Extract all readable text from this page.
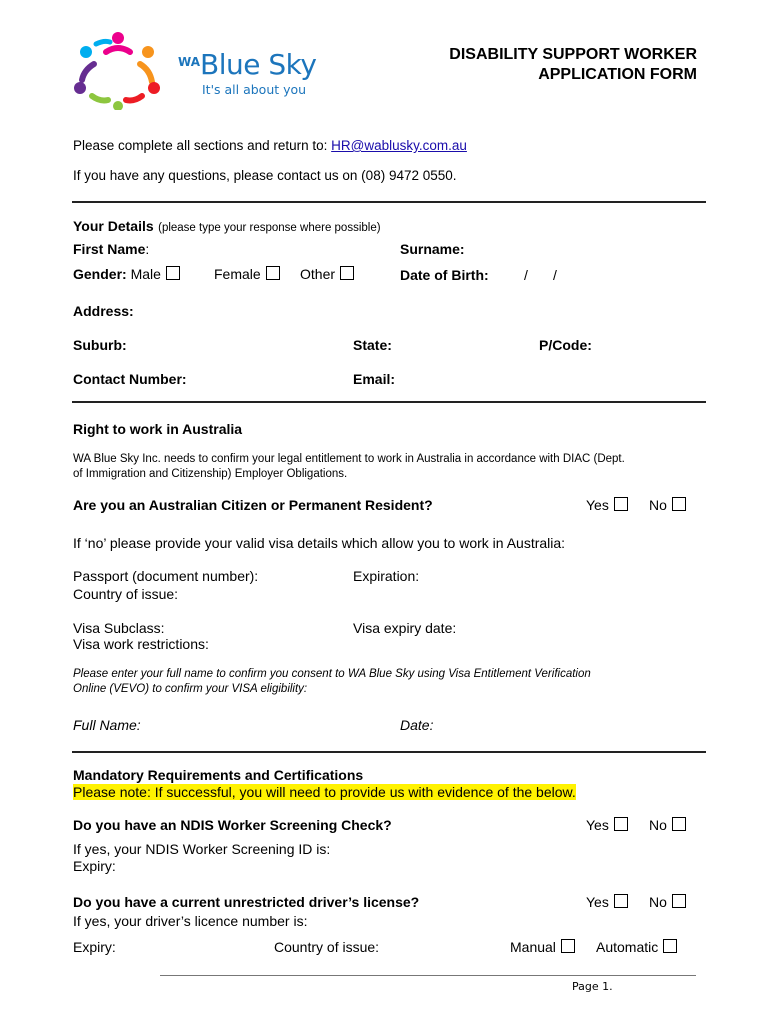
$^{WA}$Blue Sky
It's all about you
DISABILITY SUPPORT WORKER
APPLICATION FORM
Please complete all sections and return to: HR@wablusky.com.au
If you have any questions, please contact us on (08) 9472 0550.
Your Details (please type your response where possible)
First Name:	Surname:
Gender: Male	Female	Other	Date of Birth:	/ /
Address:
Suburb:	State:	P/Code:
Contact Number:	Email:
Right to work in Australia
WA Blue Sky Inc. needs to confirm your legal entitlement to work in Australia in accordance with DIAC (Dept.
of Immigration and Citizenship) Employer Obligations.
Are you an Australian Citizen or Permanent Resident?	Yes	No
If ‘no’ please provide your valid visa details which allow you to work in Australia:
Passport (document number):	Expiration:
Country of issue:
Visa Subclass:	Visa expiry date:
Visa work restrictions:
Please enter your full name to confirm you consent to WA Blue Sky using Visa Entitlement Verification
Online (VEVO) to confirm your VISA eligibility:
Full Name:	Date:
Mandatory Requirements and Certifications
Please note: If successful, you will need to provide us with evidence of the below.
Do you have an NDIS Worker Screening Check?	Yes	No
If yes, your NDIS Worker Screening ID is:
Expiry:
Do you have a current unrestricted driver’s license?	Yes	No
If yes, your driver’s licence number is:
Expiry:	Country of issue:	Manual	Automatic
Page 1.
